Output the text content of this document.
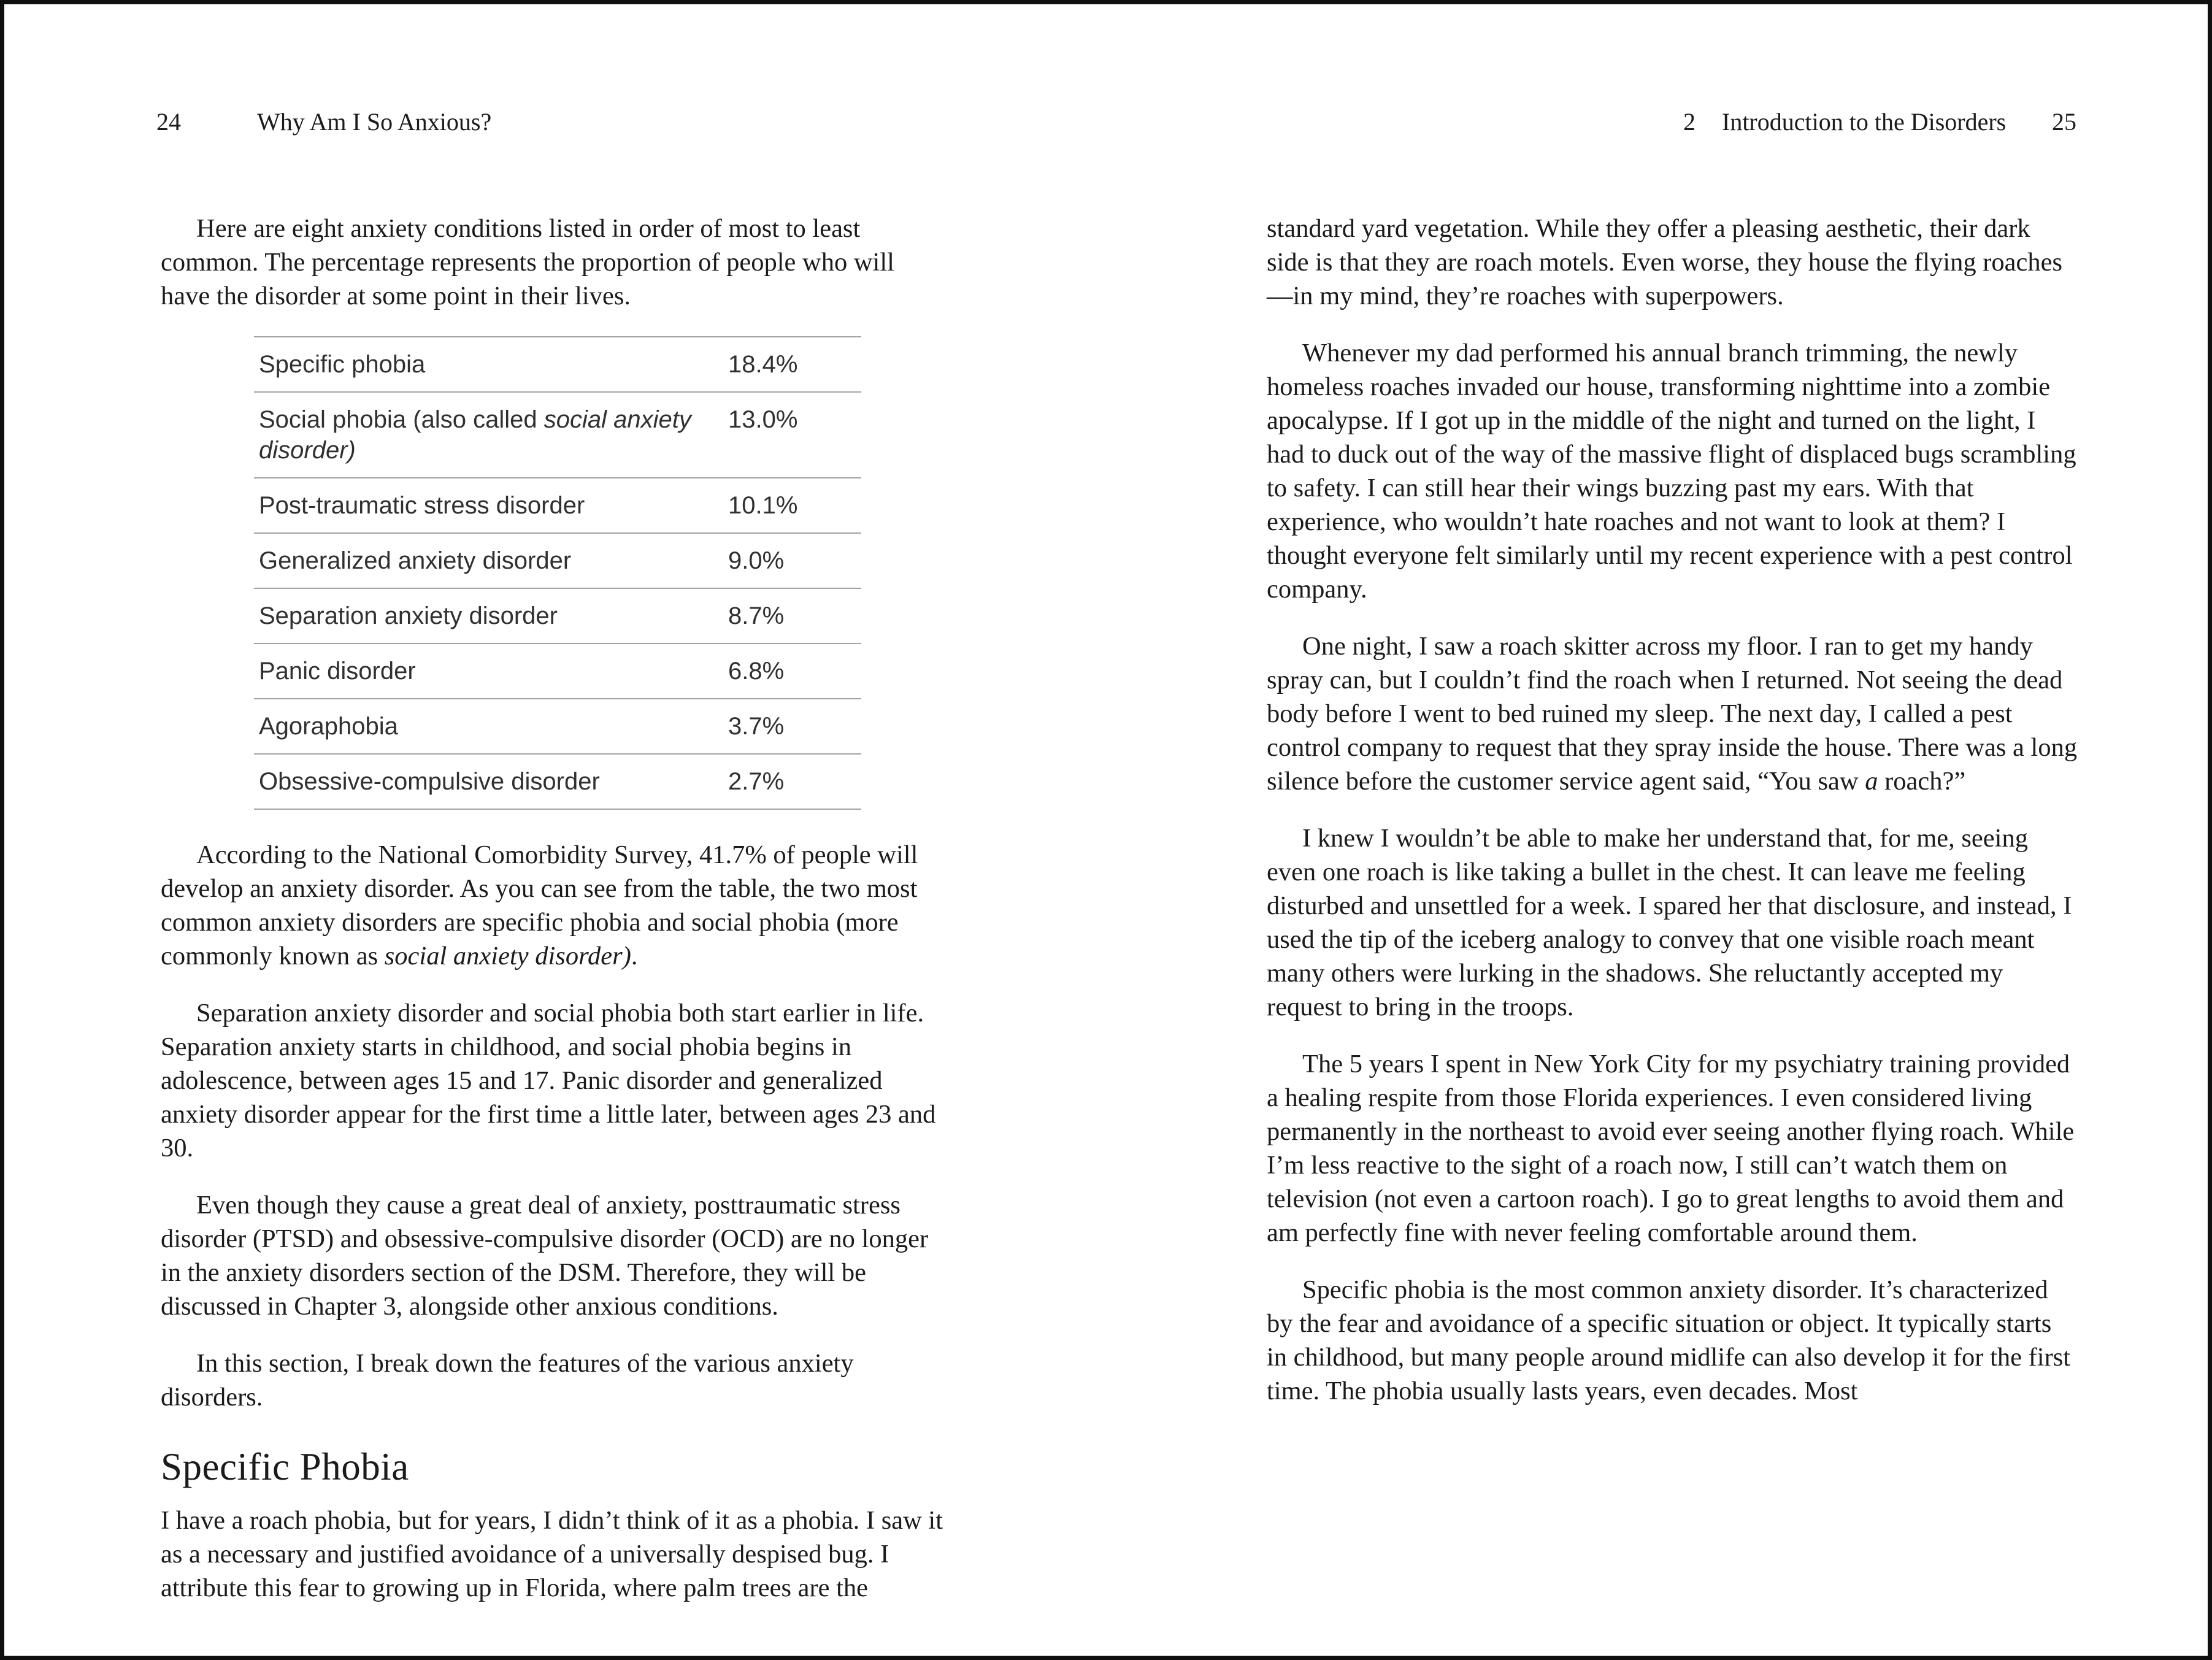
24	Why Am I So Anxious?	2 Introduction to the Disorders 25

Here are eight anxiety conditions listed in order of most to least common. The percentage represents the proportion of people who will have the disorder at some point in their lives.

Specific phobia	18.4%
Social phobia (also called social anxiety disorder)	13.0%
Post-traumatic stress disorder	10.1%
Generalized anxiety disorder	9.0%
Separation anxiety disorder	8.7%
Panic disorder	6.8%
Agoraphobia	3.7%
Obsessive-compulsive disorder	2.7%

According to the National Comorbidity Survey, 41.7% of people will develop an anxiety disorder. As you can see from the table, the two most common anxiety disorders are specific phobia and social phobia (more commonly known as social anxiety disorder).

Separation anxiety disorder and social phobia both start earlier in life. Separation anxiety starts in childhood, and social phobia begins in adolescence, between ages 15 and 17. Panic disorder and generalized anxiety disorder appear for the first time a little later, between ages 23 and 30.

Even though they cause a great deal of anxiety, posttraumatic stress disorder (PTSD) and obsessive-compulsive disorder (OCD) are no longer in the anxiety disorders section of the DSM. Therefore, they will be discussed in Chapter 3, alongside other anxious conditions.

In this section, I break down the features of the various anxiety disorders.

Specific Phobia

I have a roach phobia, but for years, I didn’t think of it as a phobia. I saw it as a necessary and justified avoidance of a universally despised bug. I attribute this fear to growing up in Florida, where palm trees are the

standard yard vegetation. While they offer a pleasing aesthetic, their dark side is that they are roach motels. Even worse, they house the flying roaches—in my mind, they’re roaches with superpowers.

Whenever my dad performed his annual branch trimming, the newly homeless roaches invaded our house, transforming nighttime into a zombie apocalypse. If I got up in the middle of the night and turned on the light, I had to duck out of the way of the massive flight of displaced bugs scrambling to safety. I can still hear their wings buzzing past my ears. With that experience, who wouldn’t hate roaches and not want to look at them? I thought everyone felt similarly until my recent experience with a pest control company.

One night, I saw a roach skitter across my floor. I ran to get my handy spray can, but I couldn’t find the roach when I returned. Not seeing the dead body before I went to bed ruined my sleep. The next day, I called a pest control company to request that they spray inside the house. There was a long silence before the customer service agent said, “You saw a roach?”

I knew I wouldn’t be able to make her understand that, for me, seeing even one roach is like taking a bullet in the chest. It can leave me feeling disturbed and unsettled for a week. I spared her that disclosure, and instead, I used the tip of the iceberg analogy to convey that one visible roach meant many others were lurking in the shadows. She reluctantly accepted my request to bring in the troops.

The 5 years I spent in New York City for my psychiatry training provided a healing respite from those Florida experiences. I even considered living permanently in the northeast to avoid ever seeing another flying roach. While I’m less reactive to the sight of a roach now, I still can’t watch them on television (not even a cartoon roach). I go to great lengths to avoid them and am perfectly fine with never feeling comfortable around them.

Specific phobia is the most common anxiety disorder. It’s characterized by the fear and avoidance of a specific situation or object. It typically starts in childhood, but many people around midlife can also develop it for the first time. The phobia usually lasts years, even decades. Most
